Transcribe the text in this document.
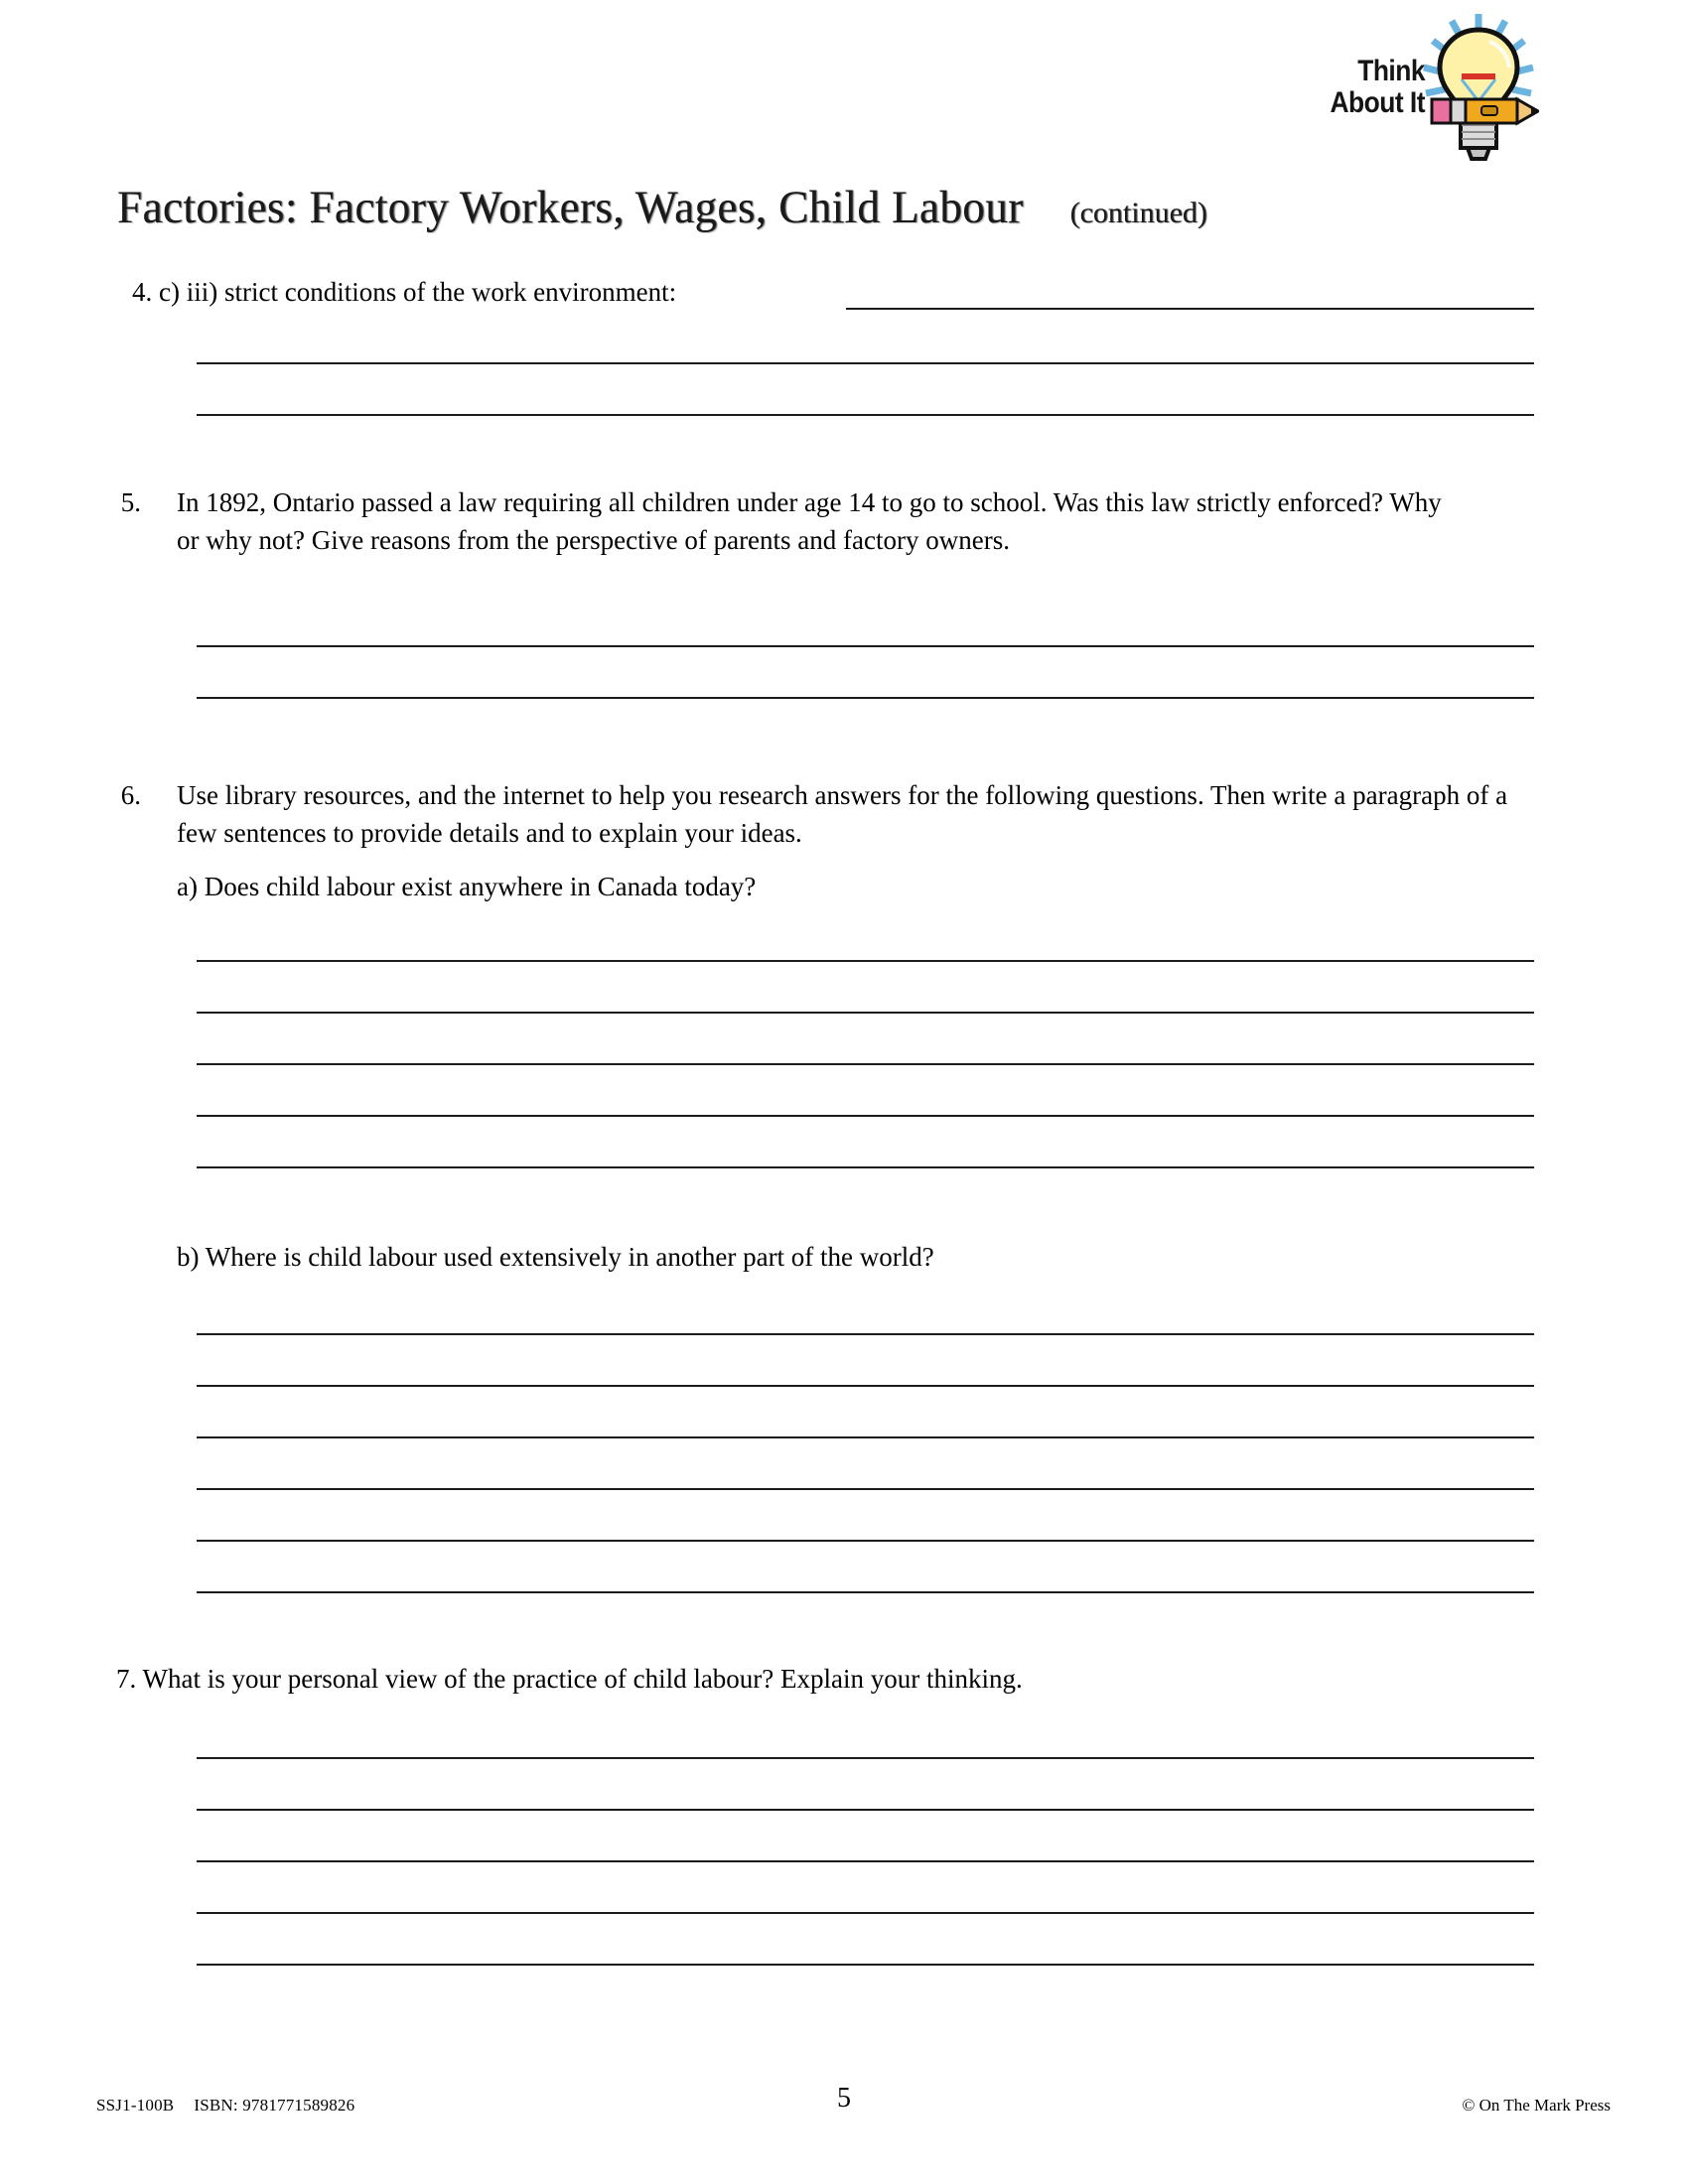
Think
About It
Factories: Factory Workers, Wages, Child Labour (continued)
4. c) iii) strict conditions of the work environment:
5. In 1892, Ontario passed a law requiring all children under age 14 to go to school. Was this law strictly enforced? Why or why not? Give reasons from the perspective of parents and factory owners.
6. Use library resources, and the internet to help you research answers for the following questions. Then write a paragraph of a few sentences to provide details and to explain your ideas.
a) Does child labour exist anywhere in Canada today?
b) Where is child labour used extensively in another part of the world?
7. What is your personal view of the practice of child labour? Explain your thinking.
SSJ1-100B ISBN: 9781771589826	5	© On The Mark Press
